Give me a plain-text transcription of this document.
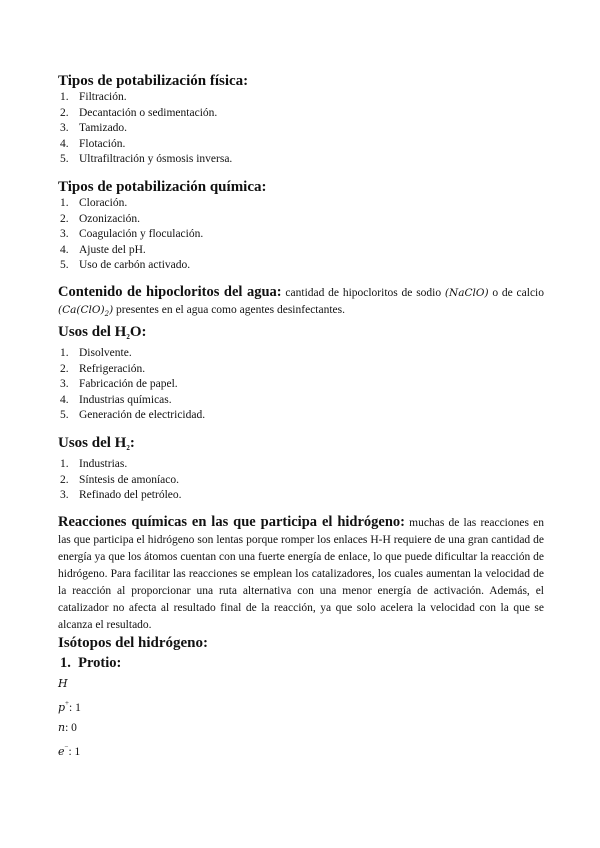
Tipos de potabilización física:
1. Filtración.
2. Decantación o sedimentación.
3. Tamizado.
4. Flotación.
5. Ultrafiltración y ósmosis inversa.
Tipos de potabilización química:
1. Cloración.
2. Ozonización.
3. Coagulación y floculación.
4. Ajuste del pH.
5. Uso de carbón activado.

Contenido de hipocloritos del agua: cantidad de hipocloritos de sodio (NaClO) o de calcio $(Ca(ClO)_2)$ presentes en el agua como agentes desinfectantes.

Usos del $H_2O$:
1. Disolvente.
2. Refrigeración.
3. Fabricación de papel.
4. Industrias químicas.
5. Generación de electricidad.
Usos del $H_2$:
1. Industrias.
2. Síntesis de amoníaco.
3. Refinado del petróleo.

Reacciones químicas en las que participa el hidrógeno: muchas de las reacciones en las que participa el hidrógeno son lentas porque romper los enlaces H-H requiere de una gran cantidad de energía ya que los átomos cuentan con una fuerte energía de enlace, lo que puede dificultar la reacción de hidrógeno. Para facilitar las reacciones se emplean los catalizadores, los cuales aumentan la velocidad de la reacción al proporcionar una ruta alternativa con una menor energía de activación. Además, el catalizador no afecta al resultado final de la reacción, ya que solo acelera la velocidad con la que se alcanza el resultado.

Isótopos del hidrógeno:
1. Protio:
H
p+: 1
n: 0
e−: 1
